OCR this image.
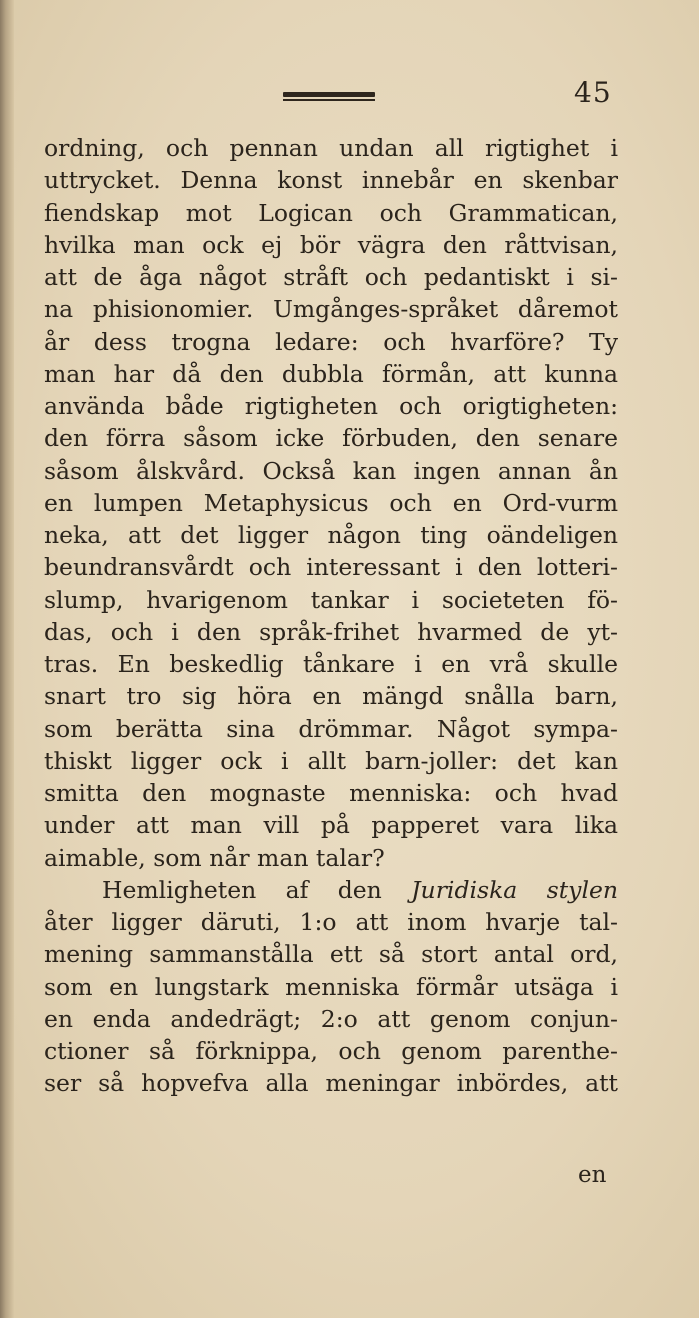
45
ordning, och pennan undan all rigtighet i
uttrycket. Denna konst innebår en skenbar
fiendskap mot Logican och Grammatican,
hvilka man ock ej bör vägra den råttvisan,
att de åga något stråft och pedantiskt i si-
na phisionomier. Umgånges-språket dåremot
år dess trogna ledare: och hvarföre? Ty
man har då den dubbla förmån, att kunna
använda både rigtigheten och origtigheten:
den förra såsom icke förbuden, den senare
såsom ålskvård. Också kan ingen annan ån
en lumpen Metaphysicus och en Ord-vurm
neka, att det ligger någon ting oändeligen
beundransvårdt och interessant i den lotteri-
slump, hvarigenom tankar i societeten fö-
das, och i den språk-frihet hvarmed de yt-
tras. En beskedlig tånkare i en vrå skulle
snart tro sig höra en mängd snålla barn,
som berätta sina drömmar. Något sympa-
thiskt ligger ock i allt barn-joller: det kan
smitta den mognaste menniska: och hvad
under att man vill på papperet vara lika
aimable, som når man talar?
Hemligheten af den Juridiska stylen
åter ligger däruti, 1:o att inom hvarje tal-
mening sammanstålla ett så stort antal ord,
som en lungstark menniska förmår utsäga i
en enda andedrägt; 2:o att genom conjun-
ctioner så förknippa, och genom parenthe-
ser så hopvefva alla meningar inbördes, att
en
